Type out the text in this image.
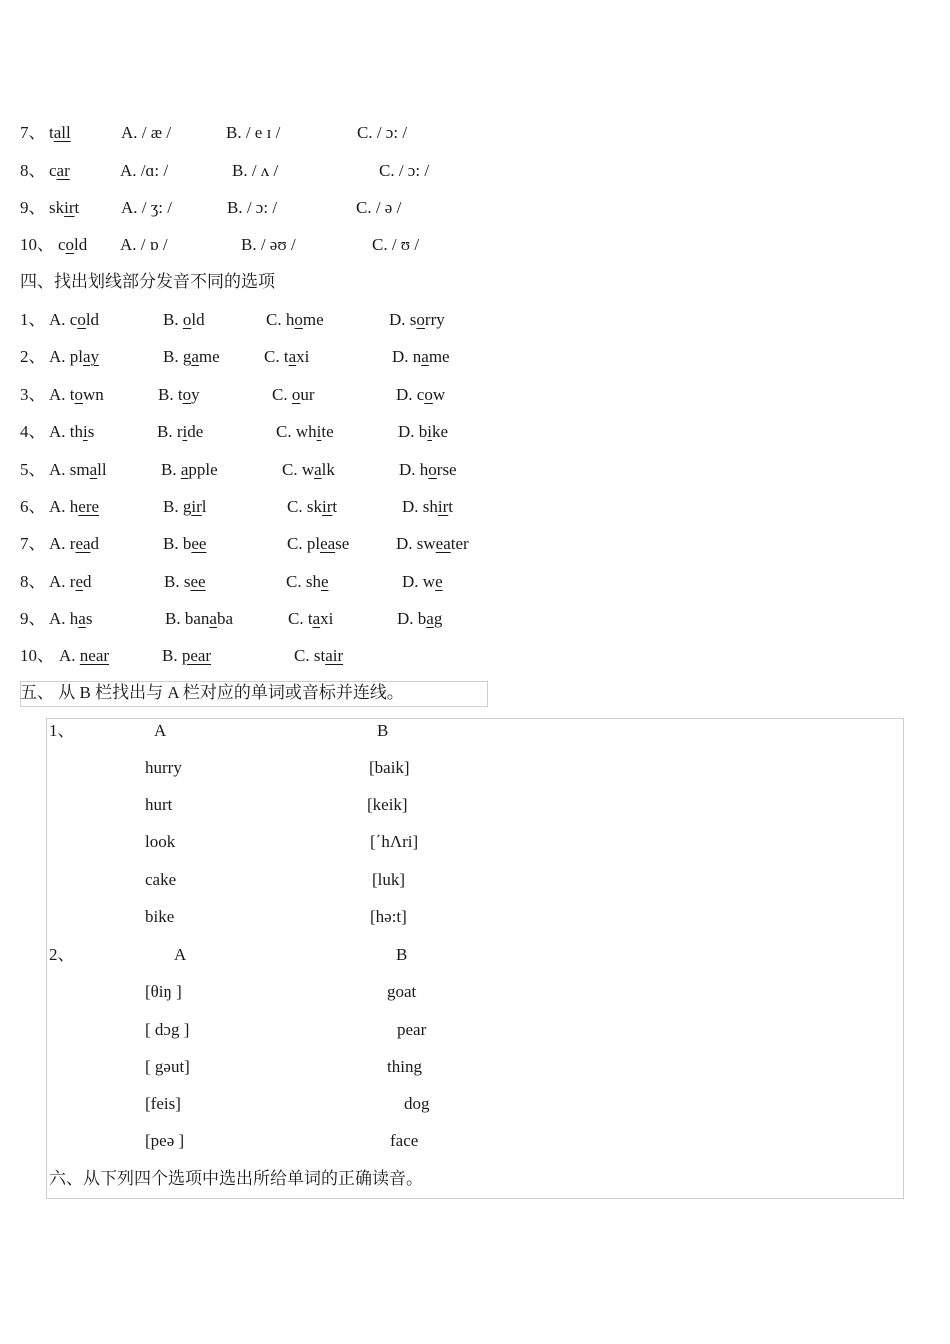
7、 tall	A. / æ /	B. / e ɪ /	C. / ɔ: /
8、 car	A. /ɑ: /	B. / ʌ /	C. / ɔ: /
9、 skirt A. / ʒ: /	B. / ɔ: /	C. / ə /
10、 cold A. / ɒ /	B. / əʊ /	C. / ʊ /
四、找出划线部分发音不同的选项
1、 A. cold	B. old	C. home	D. sorry
2、 A. play	B. game	C. taxi	D. name
3、 A. town	B. toy	C. our	D. cow
4、 A. this	B. ride	C. white	D. bike
5、 A. small	B. apple	C. walk	D. horse
6、 A. here	B. girl	C. skirt	D. shirt
7、 A. read	B. bee	C. please	D. sweater
8、 A. red	B. see	C. she	D. we
9、 A. has	B. banaba	C. taxi	D. bag
10、 A. near	B. pear	C. stair
五、 从 B 栏找出与 A 栏对应的单词或音标并连线。
1、	A	B
hurry	[baik]
hurt	[keik]
look	[΄hΛri]
cake	[luk]
bike	[hə:t]
2、	A	B
[θiŋ ]	goat
[ dɔg ]	pear
[ gəut]	thing
[feis]	dog
[peə ]	face
六、从下列四个选项中选出所给单词的正确读音。
